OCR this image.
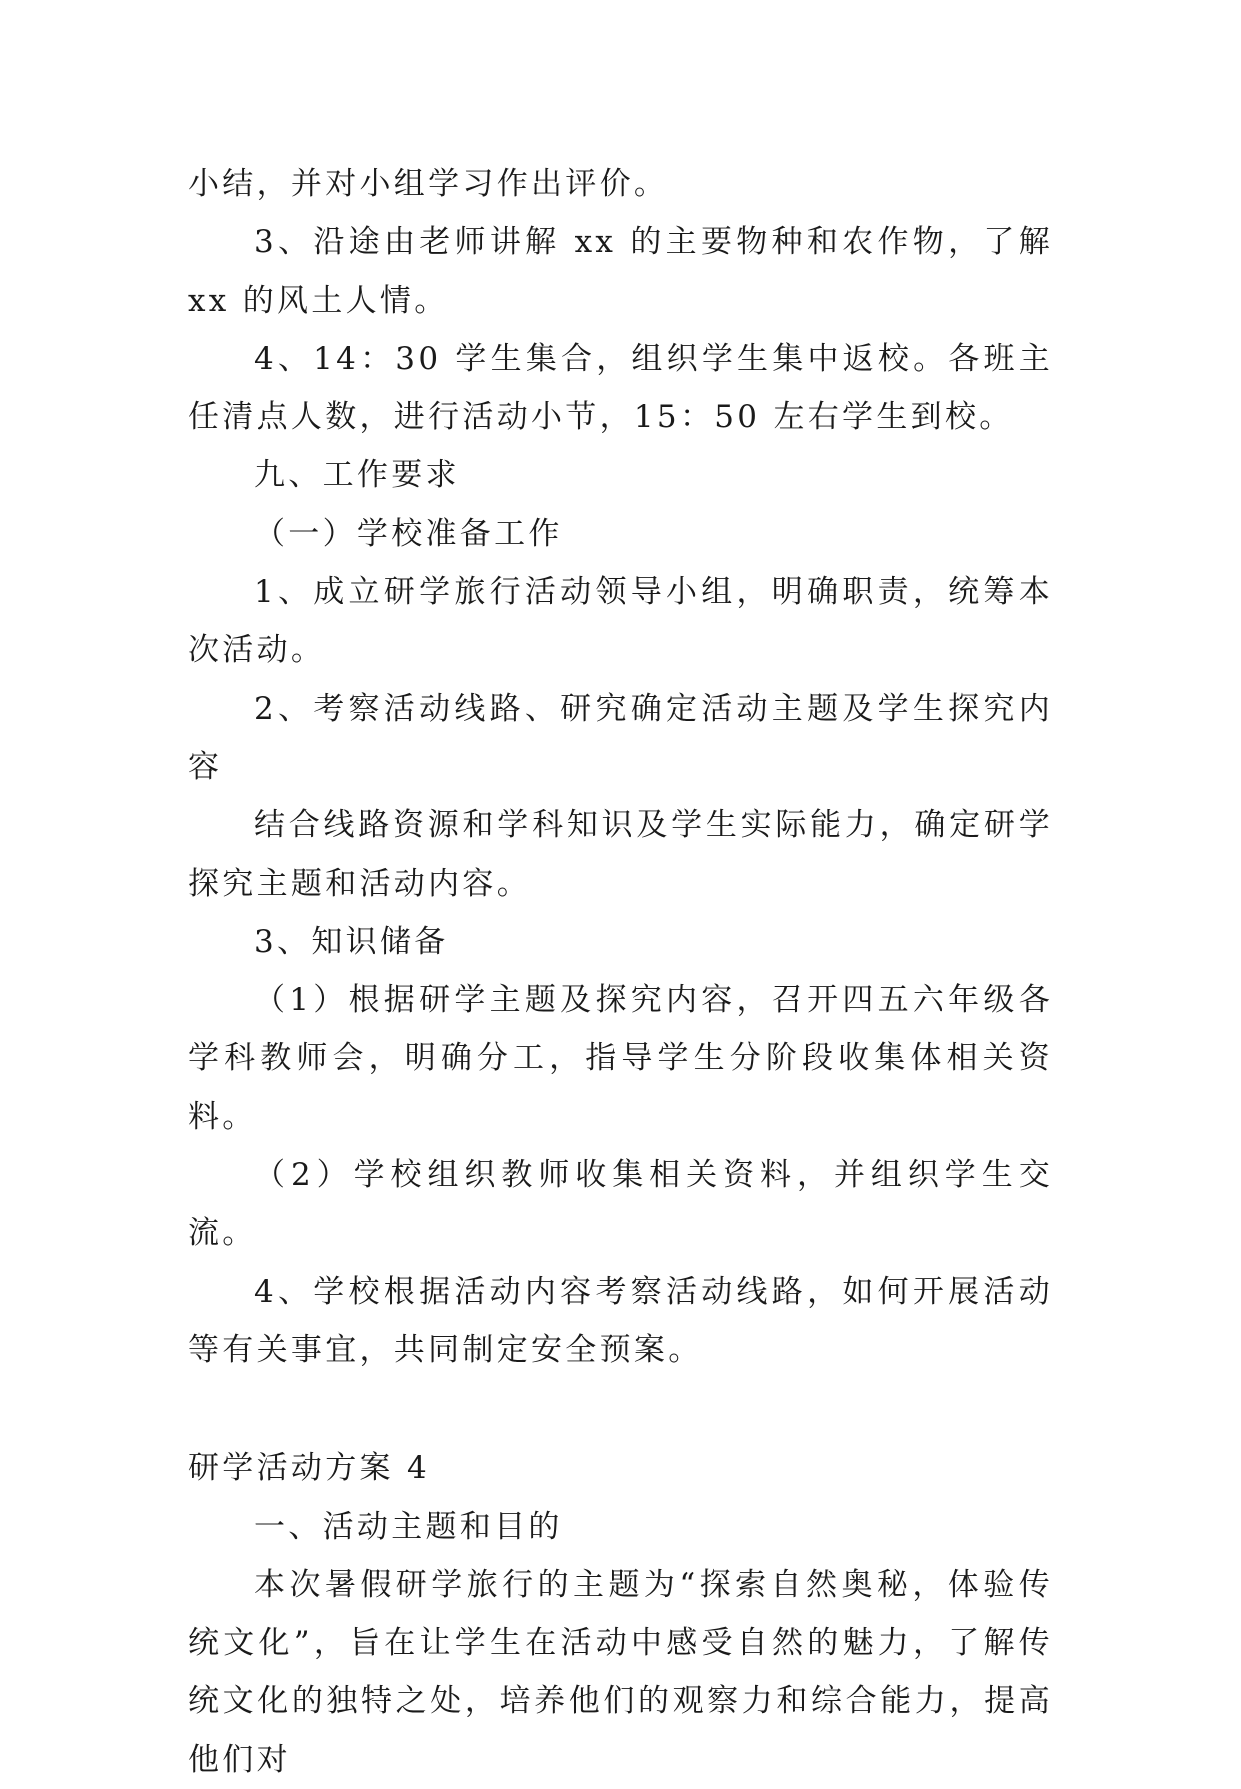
小结，并对小组学习作出评价。

3、沿途由老师讲解 xx 的主要物种和农作物，了解 xx 的风土人情。

4、14：30 学生集合，组织学生集中返校。各班主任清点人数，进行活动小节，15：50 左右学生到校。

九、工作要求

（一）学校准备工作

1、成立研学旅行活动领导小组，明确职责，统筹本次活动。

2、考察活动线路、研究确定活动主题及学生探究内容

结合线路资源和学科知识及学生实际能力，确定研学探究主题和活动内容。

3、知识储备

（1）根据研学主题及探究内容，召开四五六年级各学科教师会，明确分工，指导学生分阶段收集体相关资料。

（2）学校组织教师收集相关资料，并组织学生交流。

4、学校根据活动内容考察活动线路，如何开展活动等有关事宜，共同制定安全预案。

研学活动方案 4

一、活动主题和目的

本次暑假研学旅行的主题为“探索自然奥秘，体验传统文化”，旨在让学生在活动中感受自然的魅力，了解传统文化的独特之处，培养他们的观察力和综合能力，提高他们对
